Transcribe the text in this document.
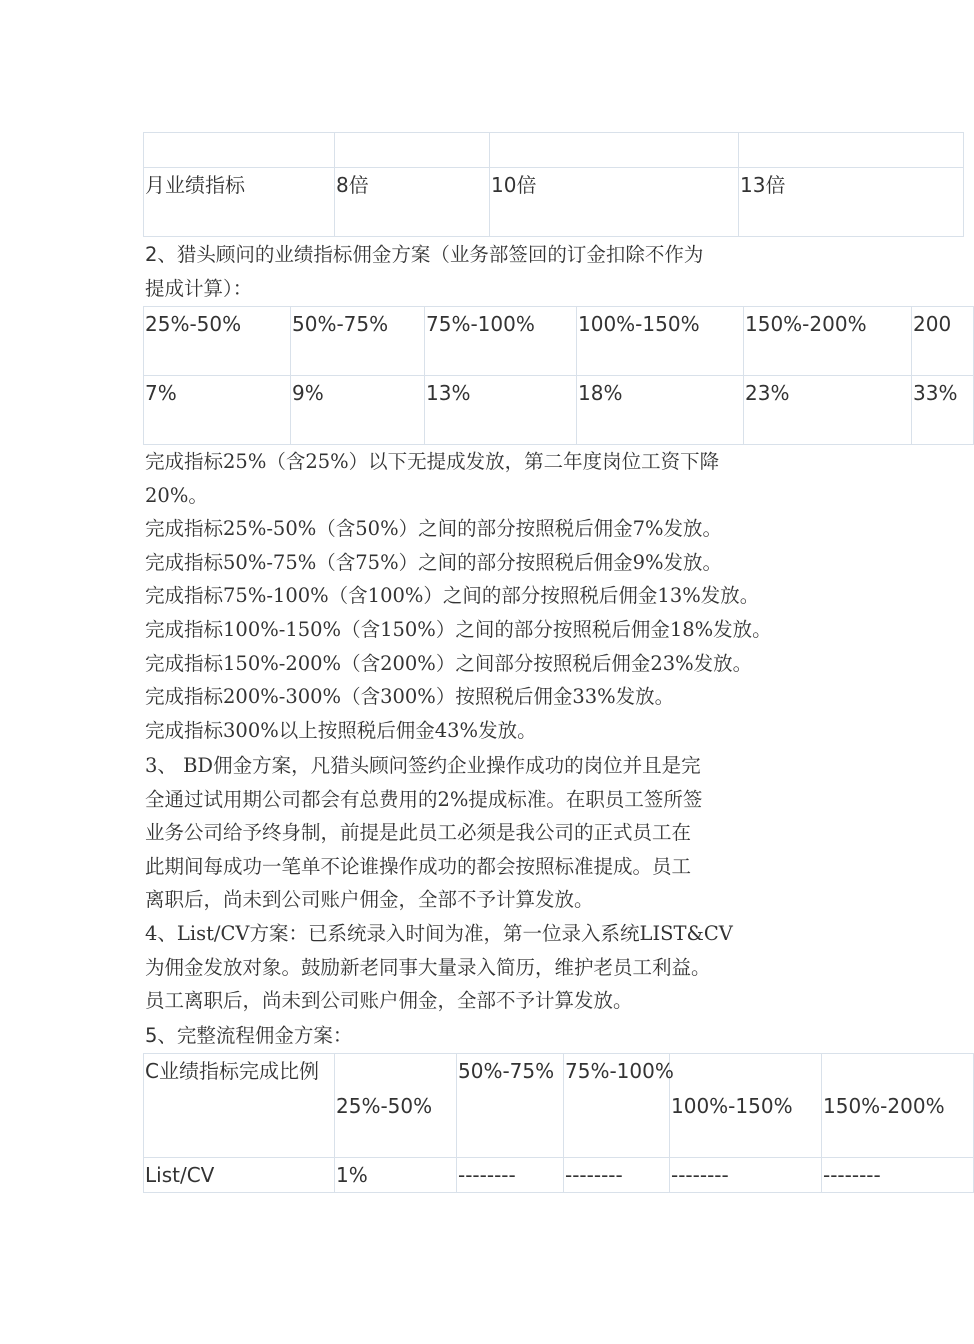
月业绩指标	8倍	10倍	13倍
2、猎头顾问的业绩指标佣金方案（业务部签回的订金扣除不作为
提成计算）：
25%-50%	50%-75%	75%-100%	100%-150%	150%-200%	200
7%	9%	13%	18%	23%	33%
完成指标25%（含25%）以下无提成发放，第二年度岗位工资下降
20%。
完成指标25%-50%（含50%）之间的部分按照税后佣金7%发放。
完成指标50%-75%（含75%）之间的部分按照税后佣金9%发放。
完成指标75%-100%（含100%）之间的部分按照税后佣金13%发放。
完成指标100%-150%（含150%）之间的部分按照税后佣金18%发放。
完成指标150%-200%（含200%）之间部分按照税后佣金23%发放。
完成指标200%-300%（含300%）按照税后佣金33%发放。
完成指标300%以上按照税后佣金43%发放。
3、 BD佣金方案，凡猎头顾问签约企业操作成功的岗位并且是完
全通过试用期公司都会有总费用的2%提成标准。在职员工签所签
业务公司给予终身制，前提是此员工必须是我公司的正式员工在
此期间每成功一笔单不论谁操作成功的都会按照标准提成。员工
离职后，尚未到公司账户佣金，全部不予计算发放。
4、List/CV方案：已系统录入时间为准，第一位录入系统LIST&CV
为佣金发放对象。鼓励新老同事大量录入简历，维护老员工利益。
员工离职后，尚未到公司账户佣金，全部不予计算发放。
5、完整流程佣金方案：
C业绩指标完成比例	25%-50%	50%-75%	75%-100%	100%-150%	150%-200%
List/CV	1%	--------	--------	--------	--------
